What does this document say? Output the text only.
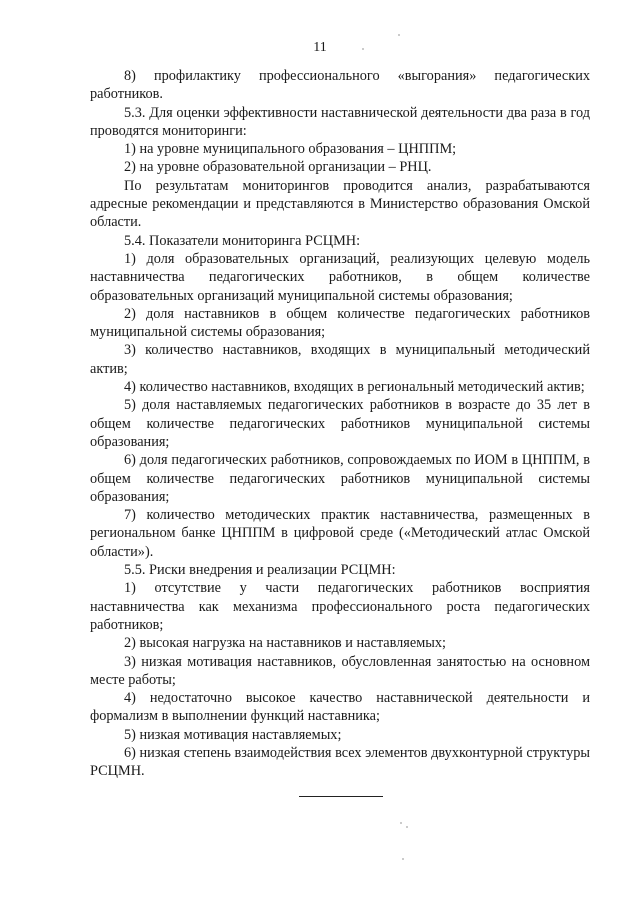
11

8) профилактику профессионального «выгорания» педагогических работников.

5.3. Для оценки эффективности наставнической деятельности два раза в год проводятся мониторинги:

1) на уровне муниципального образования – ЦНППМ;

2) на уровне образовательной организации – РНЦ.

По результатам мониторингов проводится анализ, разрабатываются адресные рекомендации и представляются в Министерство образования Омской области.

5.4. Показатели мониторинга РСЦМН:

1) доля образовательных организаций, реализующих целевую модель наставничества педагогических работников, в общем количестве образовательных организаций муниципальной системы образования;

2) доля наставников в общем количестве педагогических работников муниципальной системы образования;

3) количество наставников, входящих в муниципальный методический актив;

4) количество наставников, входящих в региональный методический актив;

5) доля наставляемых педагогических работников в возрасте до 35 лет в общем количестве педагогических работников муниципальной системы образования;

6) доля педагогических работников, сопровождаемых по ИОМ в ЦНППМ, в общем количестве педагогических работников муниципальной системы образования;

7) количество методических практик наставничества, размещенных в региональном банке ЦНППМ в цифровой среде («Методический атлас Омской области»).

5.5. Риски внедрения и реализации РСЦМН:

1) отсутствие у части педагогических работников восприятия наставничества как механизма профессионального роста педагогических работников;

2) высокая нагрузка на наставников и наставляемых;

3) низкая мотивация наставников, обусловленная занятостью на основном месте работы;

4) недостаточно высокое качество наставнической деятельности и формализм в выполнении функций наставника;

5) низкая мотивация наставляемых;

6) низкая степень взаимодействия всех элементов двухконтурной структуры РСЦМН.
